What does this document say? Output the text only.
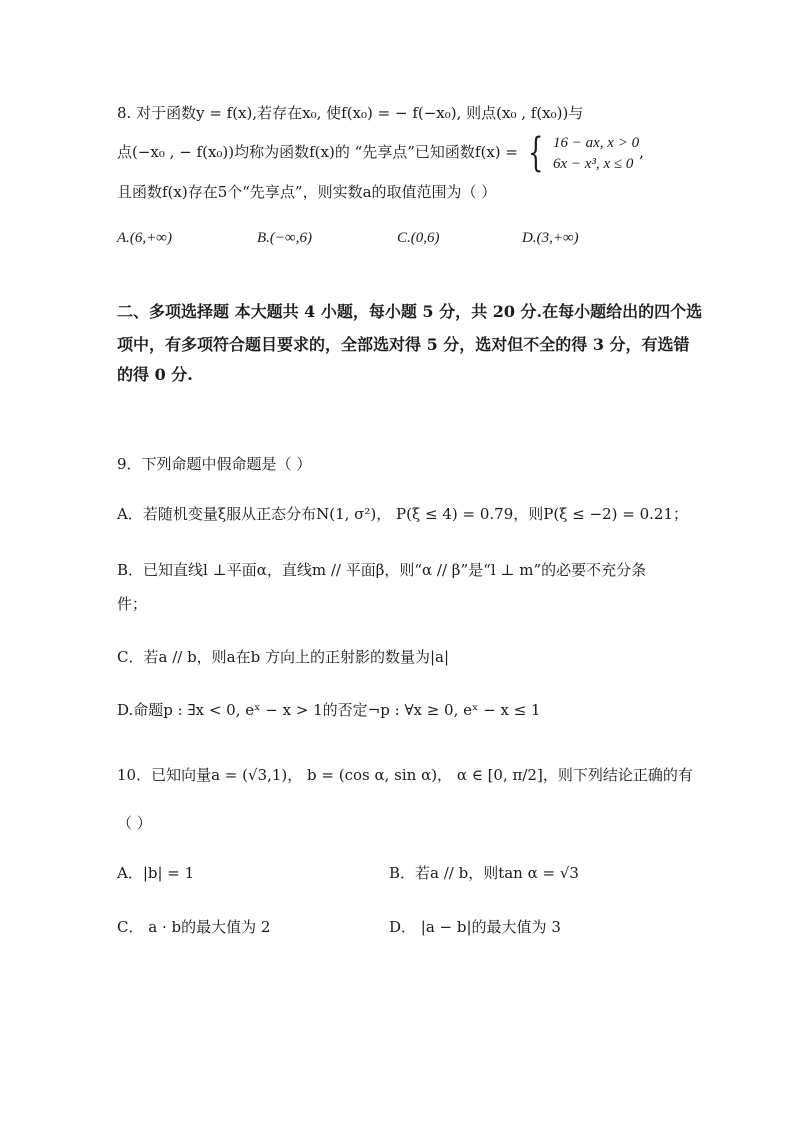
8. 对于函数y = f(x),若存在x₀, 使f(x₀) = − f(−x₀), 则点(x₀ , f(x₀))与
点(−x₀ , − f(x₀))均称为函数f(x)的 “先享点”已知函数f(x) = { 16 − ax, x > 0
6x − x³, x ≤ 0,
且函数f(x)存在5个“先享点”，则实数a的取值范围为（ ）
A.(6,+∞)	B.(−∞,6)	C.(0,6)	D.(3,+∞)
二、多项选择题 本大题共 4 小题，每小题 5 分，共 20 分.在每小题给出的四个选
项中，有多项符合题目要求的，全部选对得 5 分，选对但不全的得 3 分，有选错
的得 0 分.
9．下列命题中假命题是（ ）
A．若随机变量ξ服从正态分布N(1, σ²)， P(ξ ≤ 4) = 0.79，则P(ξ ≤ −2) = 0.21；
B．已知直线l ⊥平面α，直线m // 平面β，则“α // β”是“l ⊥ m”的必要不充分条
件；
C．若a // b，则a在b 方向上的正射影的数量为|a|
D.命题p : ∃x < 0, eˣ − x > 1的否定¬p : ∀x ≥ 0, eˣ − x ≤ 1
10．已知向量a = (√3,1)， b = (cos α, sin α)， α ∈ [0, π/2]，则下列结论正确的有
（ ）
A．|b| = 1	B．若a // b，则tan α = √3
C． a · b的最大值为 2	D． |a − b|的最大值为 3
